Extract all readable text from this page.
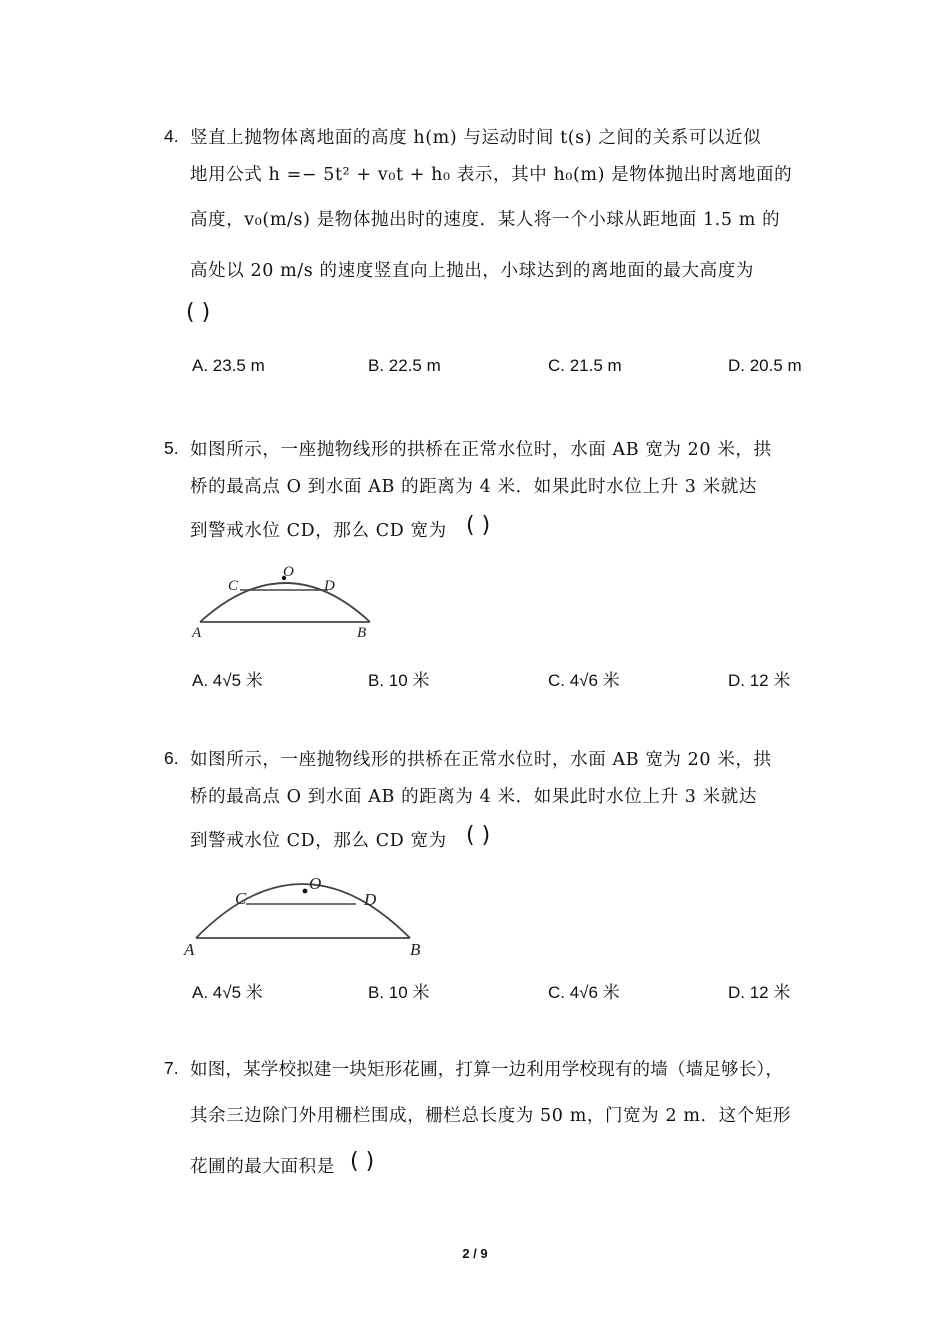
4. 竖直上抛物体离地面的高度 h(m) 与运动时间 t(s) 之间的关系可以近似
地用公式 h =− 5t² + v₀t + h₀ 表示，其中 h₀(m) 是物体抛出时离地面的
高度，v₀(m/s) 是物体抛出时的速度．某人将一个小球从距地面 1.5 m 的
高处以 20 m/s 的速度竖直向上抛出，小球达到的离地面的最大高度为
( )
A. 23.5 m	B. 22.5 m	C. 21.5 m	D. 20.5 m
5. 如图所示，一座抛物线形的拱桥在正常水位时，水面 AB 宽为 20 米，拱
桥的最高点 O 到水面 AB 的距离为 4 米．如果此时水位上升 3 米就达
到警戒水位 CD，那么 CD 宽为 ( )
A	B
C	D
O
A. 4√5 米	B. 10 米	C. 4√6 米	D. 12 米
6. 如图所示，一座抛物线形的拱桥在正常水位时，水面 AB 宽为 20 米，拱
桥的最高点 O 到水面 AB 的距离为 4 米．如果此时水位上升 3 米就达
到警戒水位 CD，那么 CD 宽为 ( )
A	B
C	D
O
A. 4√5 米	B. 10 米	C. 4√6 米	D. 12 米
7. 如图，某学校拟建一块矩形花圃，打算一边利用学校现有的墙（墙足够长），
其余三边除门外用栅栏围成，栅栏总长度为 50 m，门宽为 2 m．这个矩形
花圃的最大面积是 ( )
2 / 9
